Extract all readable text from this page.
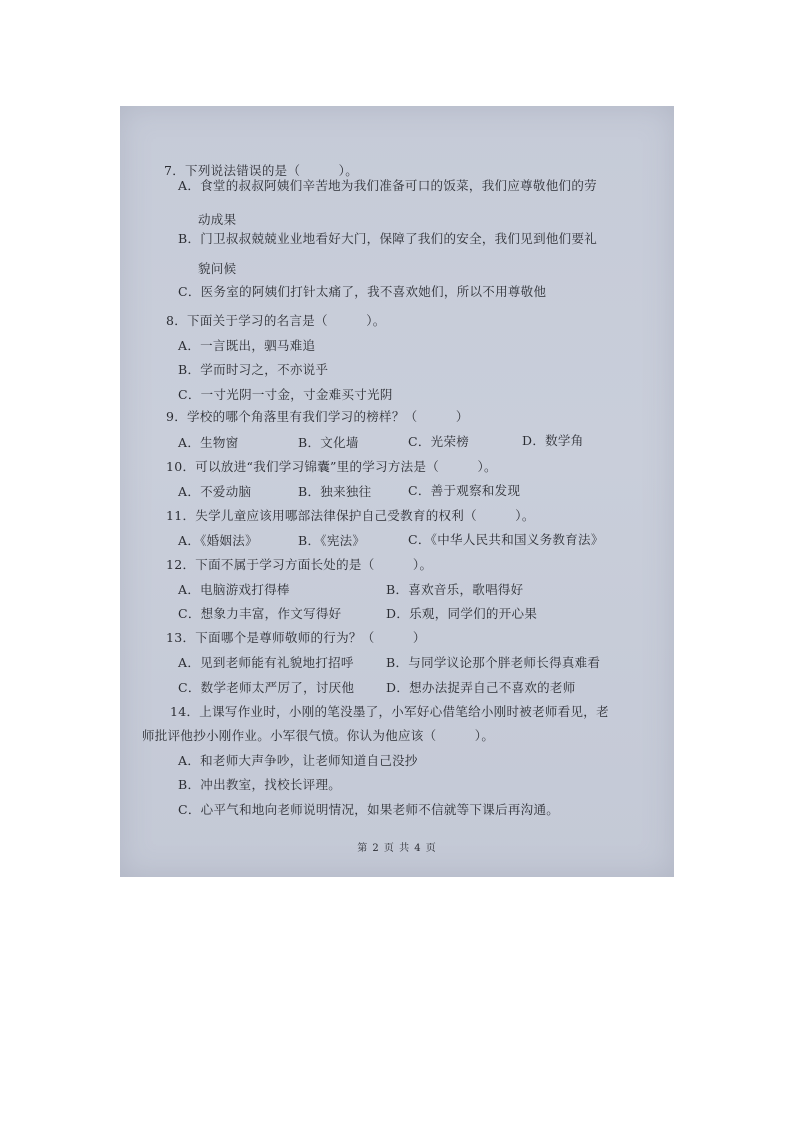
7．下列说法错误的是（　　　）。
A．食堂的叔叔阿姨们辛苦地为我们准备可口的饭菜，我们应尊敬他们的劳
动成果
B．门卫叔叔兢兢业业地看好大门，保障了我们的安全，我们见到他们要礼
貌问候
C．医务室的阿姨们打针太痛了，我不喜欢她们，所以不用尊敬他
8．下面关于学习的名言是（　　　）。
A．一言既出，驷马难追
B．学而时习之，不亦说乎
C．一寸光阴一寸金，寸金难买寸光阴
9．学校的哪个角落里有我们学习的榜样？（　　　）
A．生物窗	B．文化墙	C．光荣榜	D．数学角
10．可以放进“我们学习锦囊”里的学习方法是（　　　）。
A．不爱动脑	B．独来独往	C．善于观察和发现
11．失学儿童应该用哪部法律保护自己受教育的权利（　　　）。
A．《婚姻法》	B．《宪法》	C．《中华人民共和国义务教育法》
12．下面不属于学习方面长处的是（　　　）。
A．电脑游戏打得棒	B．喜欢音乐，歌唱得好
C．想象力丰富，作文写得好	D．乐观，同学们的开心果
13．下面哪个是尊师敬师的行为？（　　　）
A．见到老师能有礼貌地打招呼	B．与同学议论那个胖老师长得真难看
C．数学老师太严厉了，讨厌他	D．想办法捉弄自己不喜欢的老师
14．上课写作业时，小刚的笔没墨了，小军好心借笔给小刚时被老师看见，老
师批评他抄小刚作业。小军很气愤。你认为他应该（　　　）。
A．和老师大声争吵，让老师知道自己没抄
B．冲出教室，找校长评理。
C．心平气和地向老师说明情况，如果老师不信就等下课后再沟通。
第 2 页 共 4 页
